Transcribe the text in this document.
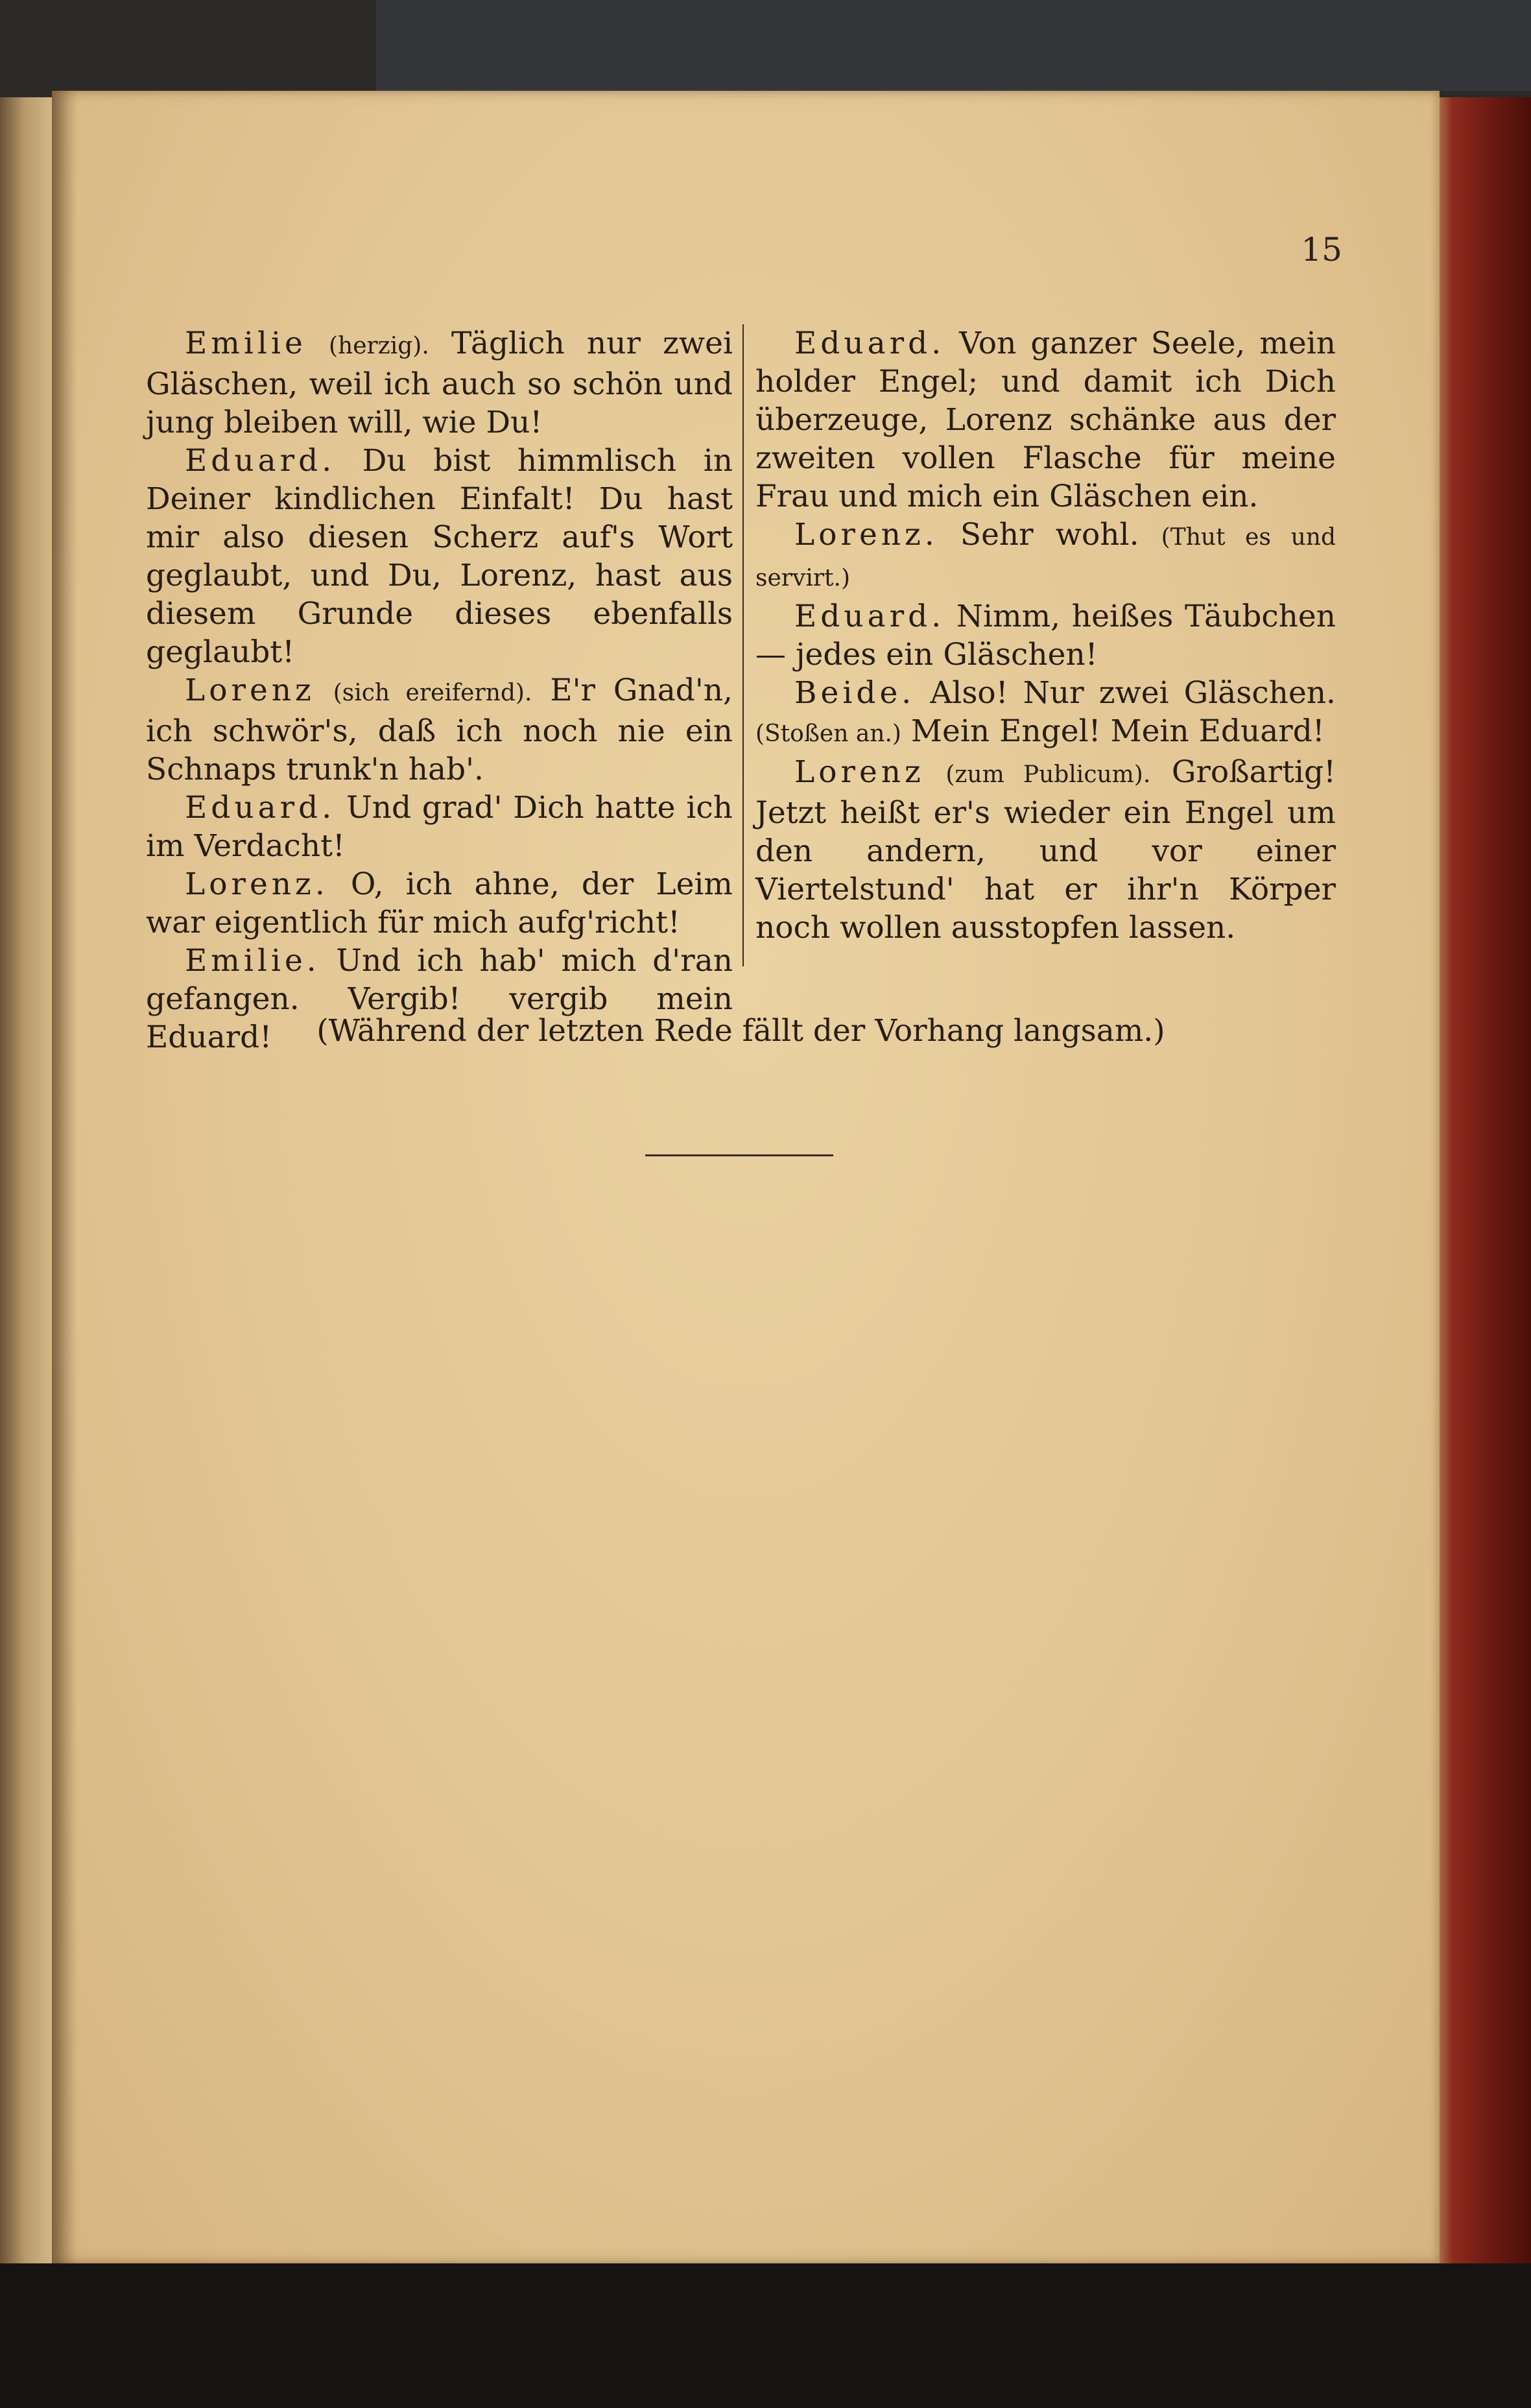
15

Emilie (herzig). Täglich nur zwei Gläschen, weil ich auch so schön und jung bleiben will, wie Du!

Eduard. Du bist himmlisch in Deiner kindlichen Einfalt! Du hast mir also diesen Scherz auf's Wort geglaubt, und Du, Lorenz, hast aus diesem Grunde dieses ebenfalls geglaubt!

Lorenz (sich ereifernd). E'r Gnad'n, ich schwör's, daß ich noch nie ein Schnaps trunk'n hab'.

Eduard. Und grad' Dich hatte ich im Verdacht!

Lorenz. O, ich ahne, der Leim war eigentlich für mich aufg'richt!

Emilie. Und ich hab' mich d'ran gefangen. Vergib! vergib mein Eduard!

Eduard. Von ganzer Seele, mein holder Engel; und damit ich Dich überzeuge, Lorenz schänke aus der zweiten vollen Flasche für meine Frau und mich ein Gläschen ein.

Lorenz. Sehr wohl. (Thut es und servirt.)

Eduard. Nimm, heißes Täubchen — jedes ein Gläschen!

Beide. Also! Nur zwei Gläschen. (Stoßen an.) Mein Engel! Mein Eduard!

Lorenz (zum Publicum). Großartig! Jetzt heißt er's wieder ein Engel um den andern, und vor einer Viertelstund' hat er ihr'n Körper noch wollen ausstopfen lassen.

(Während der letzten Rede fällt der Vorhang langsam.)
